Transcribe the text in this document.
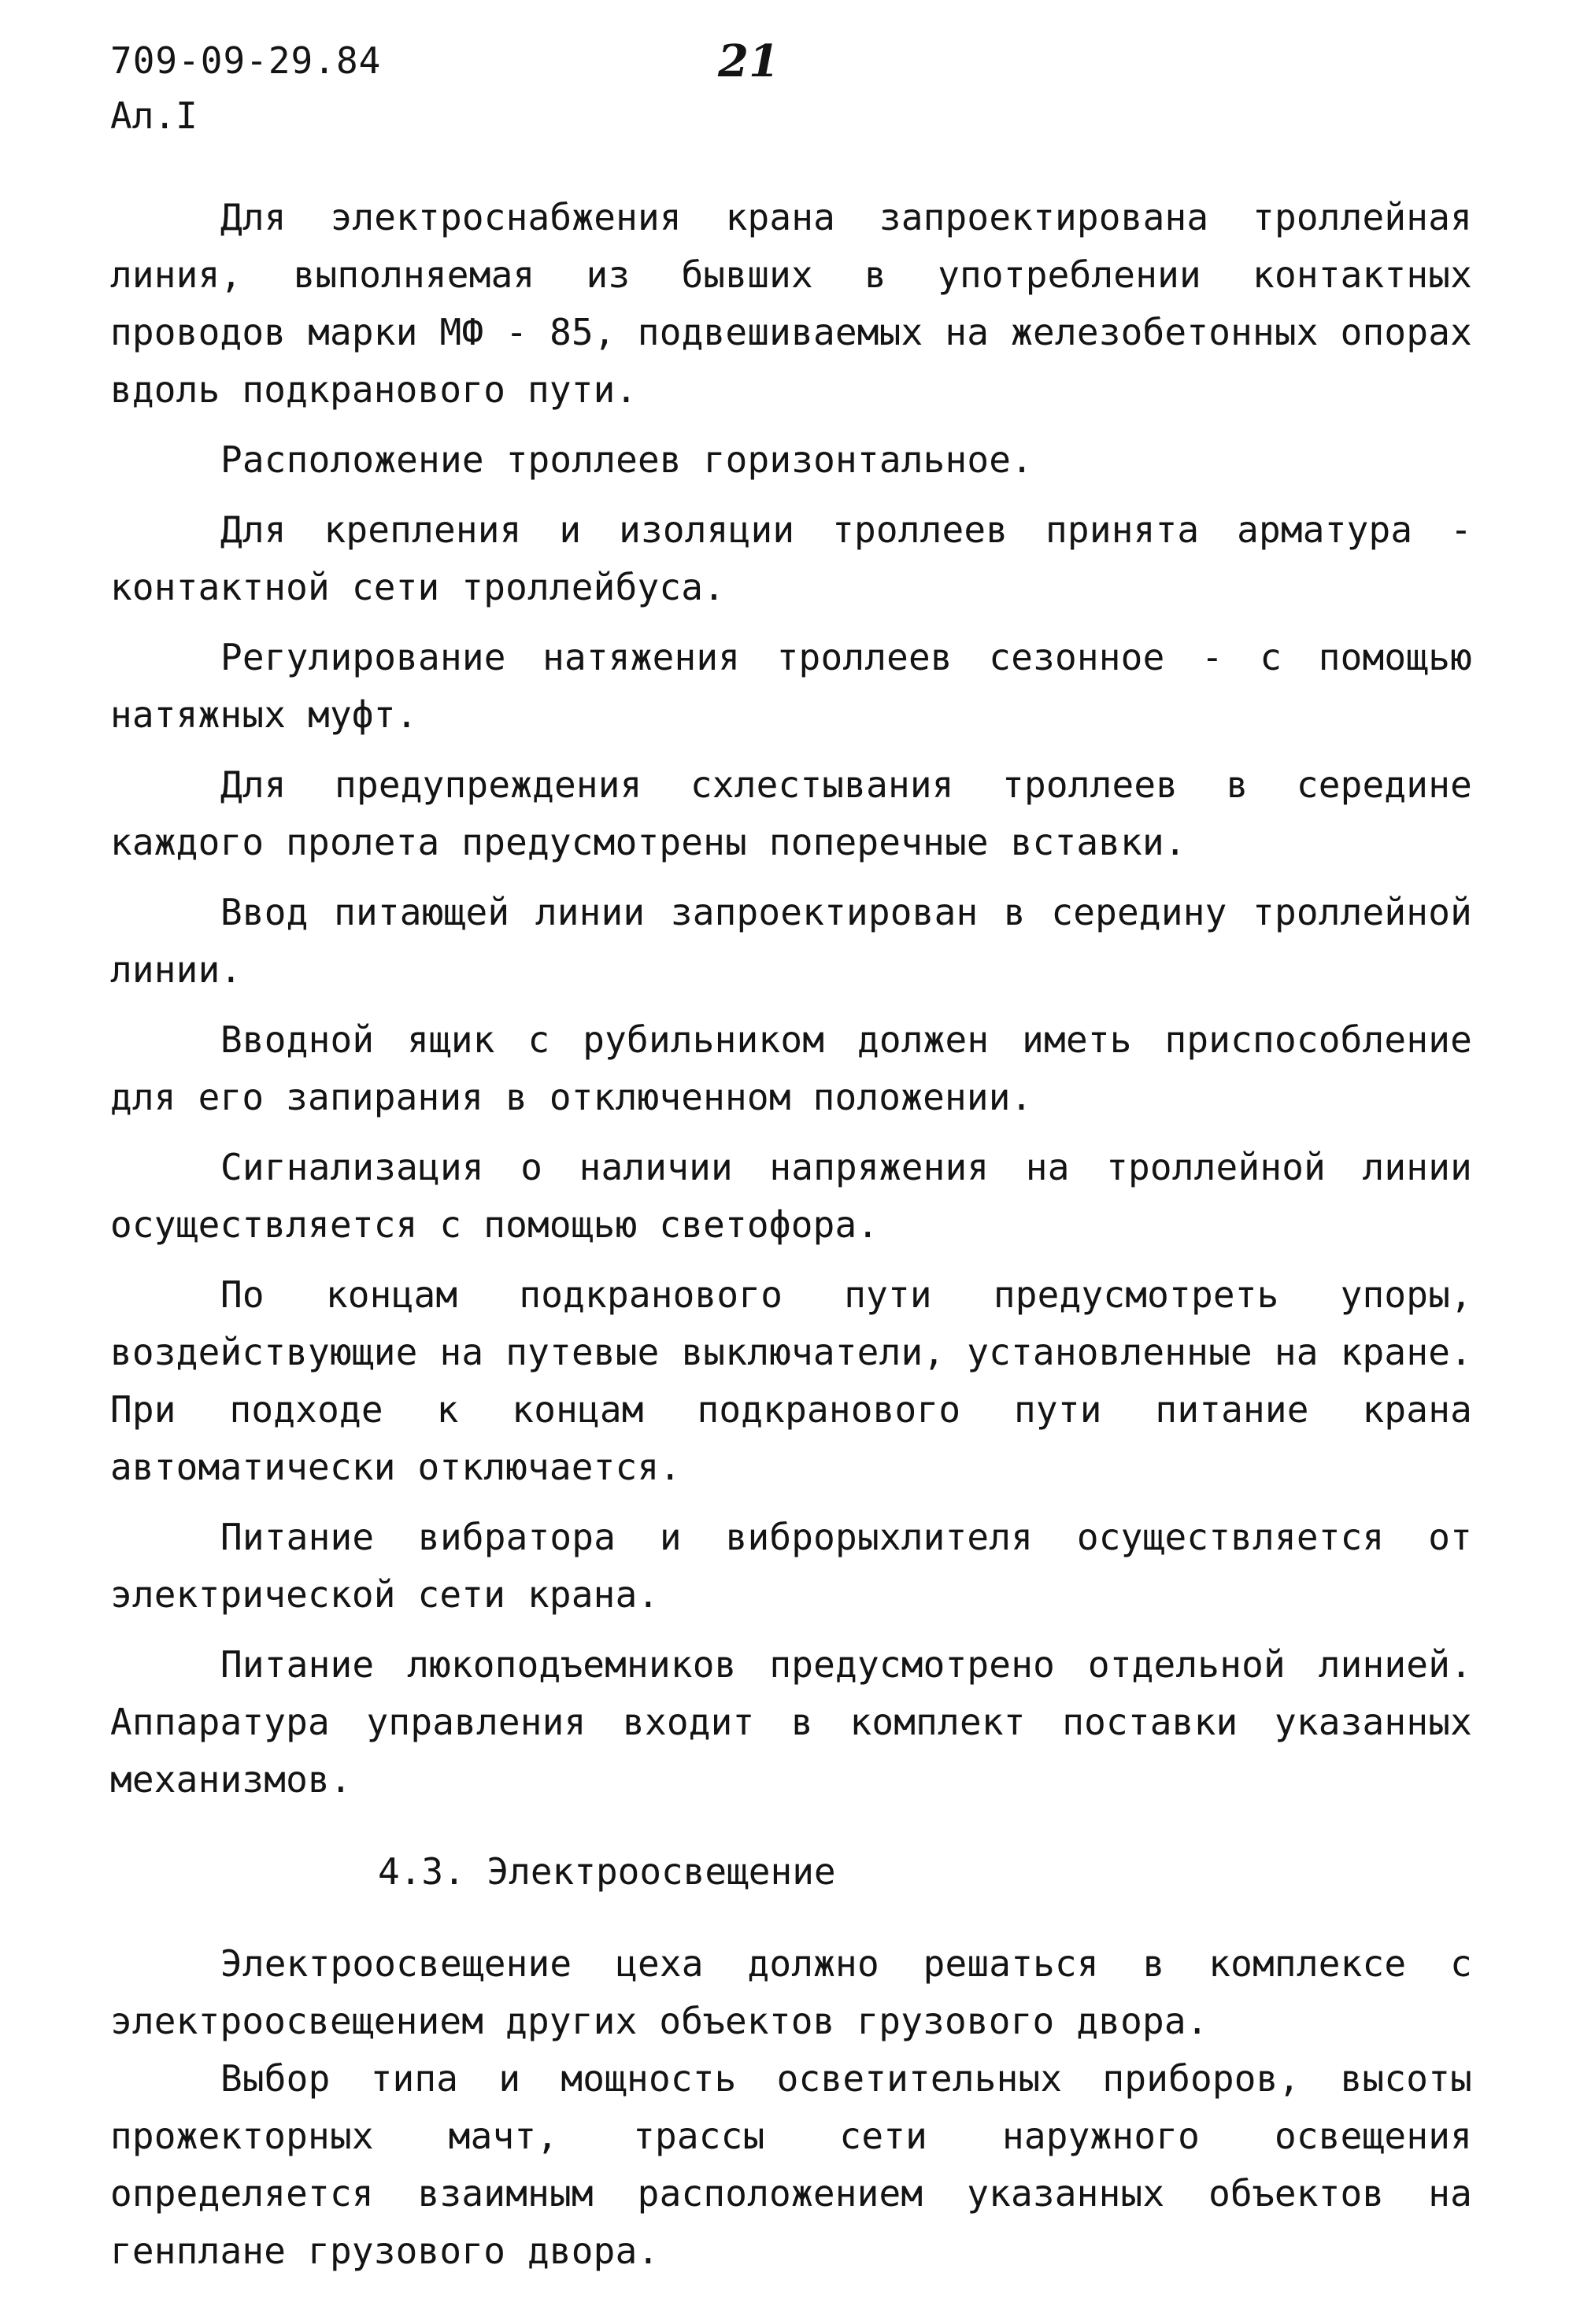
709-09-29.84
Ал.I
21

Для электроснабжения крана запроектирована троллейная линия, выполняемая из бывших в употреблении контактных проводов марки МФ - 85, подвешиваемых на железобетонных опорах вдоль подкранового пути.

Расположение троллеев горизонтальное.

Для крепления и изоляции троллеев принята арматура - контактной сети троллейбуса.

Регулирование натяжения троллеев сезонное - с помощью натяжных муфт.

Для предупреждения схлестывания троллеев в середине каждого пролета предусмотрены поперечные вставки.

Ввод питающей линии запроектирован в середину троллейной линии.

Вводной ящик с рубильником должен иметь приспособление для его запирания в отключенном положении.

Сигнализация о наличии напряжения на троллейной линии осуществляется с помощью светофора.

По концам подкранового пути предусмотреть упоры, воздействующие на путевые выключатели, установленные на кране. При подходе к концам подкранового пути питание крана автоматически отключается.

Питание вибратора и виброрыхлителя осуществляется от электрической сети крана.

Питание люкоподъемников предусмотрено отдельной линией. Аппаратура управления входит в комплект поставки указанных механизмов.

4.3. Электроосвещение

Электроосвещение цеха должно решаться в комплексе с электроосвещением других объектов грузового двора.

Выбор типа и мощность осветительных приборов, высоты прожекторных мачт, трассы сети наружного освещения определяется взаимным расположением указанных объектов на генплане грузового двора.
